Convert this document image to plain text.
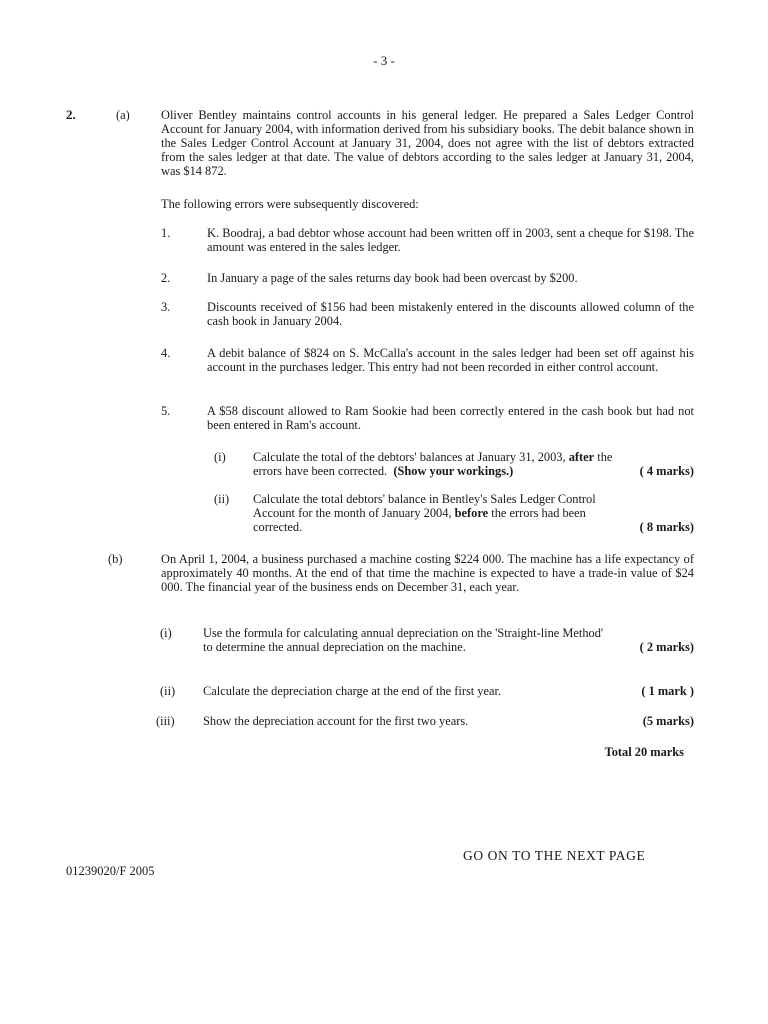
- 3 -
2.	(a)	Oliver Bentley maintains control accounts in his general ledger. He prepared a Sales Ledger Control Account for January 2004, with information derived from his subsidiary books. The debit balance shown in the Sales Ledger Control Account at January 31, 2004, does not agree with the list of debtors extracted from the sales ledger at that date. The value of debtors according to the sales ledger at January 31, 2004, was $14 872.
The following errors were subsequently discovered:
1.	K. Boodraj, a bad debtor whose account had been written off in 2003, sent a cheque for $198. The amount was entered in the sales ledger.
2.	In January a page of the sales returns day book had been overcast by $200.
3.	Discounts received of $156 had been mistakenly entered in the discounts allowed column of the cash book in January 2004.
4.	A debit balance of $824 on S. McCalla's account in the sales ledger had been set off against his account in the purchases ledger. This entry had not been recorded in either control account.
5.	A $58 discount allowed to Ram Sookie had been correctly entered in the cash book but had not been entered in Ram's account.
(i) Calculate the total of the debtors' balances at January 31, 2003, after the
errors have been corrected. (Show your workings.)	( 4 marks)
(ii) Calculate the total debtors' balance in Bentley's Sales Ledger Control
Account for the month of January 2004, before the errors had been
corrected.	( 8 marks)
(b)	On April 1, 2004, a business purchased a machine costing $224 000. The machine has a life expectancy of approximately 40 months. At the end of that time the machine is expected to have a trade-in value of $24 000. The financial year of the business ends on December 31, each year.
(i)	Use the formula for calculating annual depreciation on the 'Straight-line Method'
to determine the annual depreciation on the machine.	( 2 marks)
(ii) Calculate the depreciation charge at the end of the first year.	( 1 mark )
(iii) Show the depreciation account for the first two years.	(5 marks)
Total 20 marks
GO ON TO THE NEXT PAGE
01239020/F 2005
